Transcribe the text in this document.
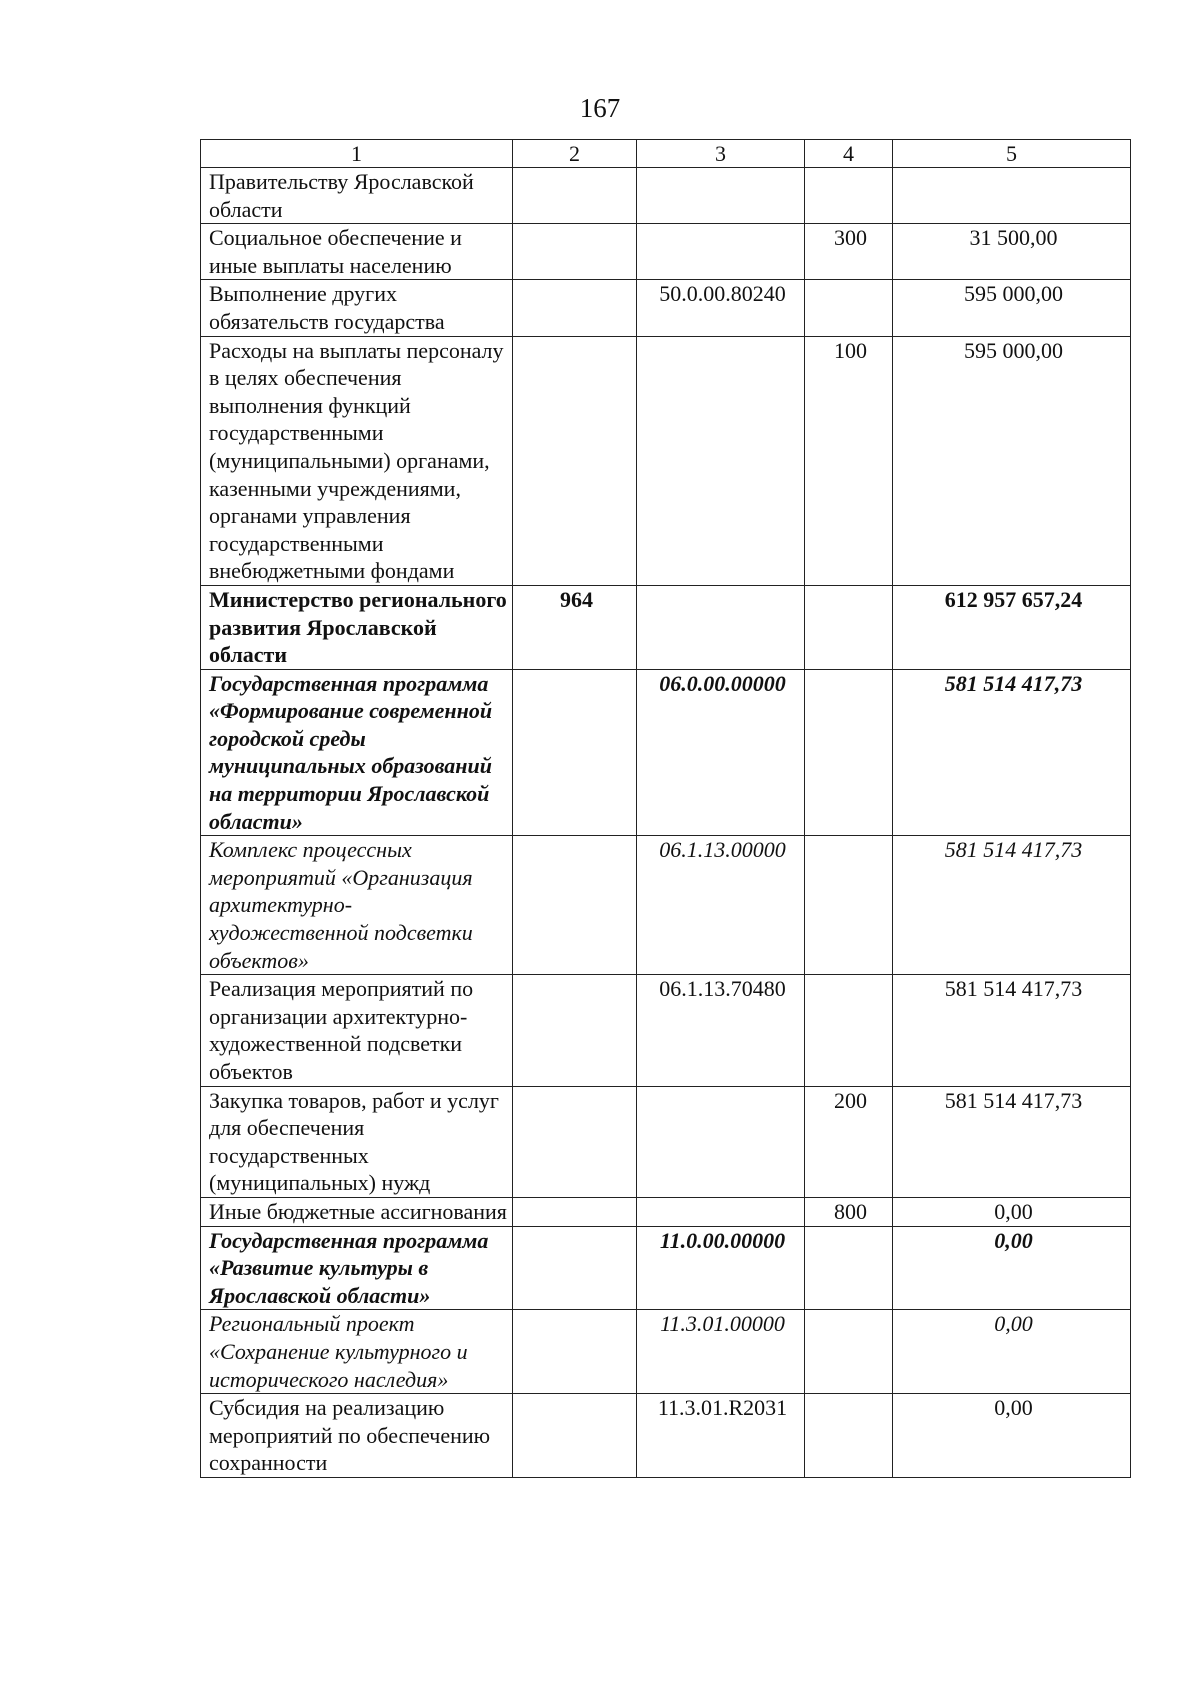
167
1	2	3	4	5
Правительству Ярославской области				
Социальное обеспечение и иные выплаты населению			300	31 500,00
Выполнение других обязательств государства		50.0.00.80240		595 000,00
Расходы на выплаты персоналу в целях обеспечения выполнения функций государственными (муниципальными) органами, казенными учреждениями, органами управления государственными внебюджетными фондами			100	595 000,00
Министерство регионального развития Ярославской области	964			612 957 657,24
Государственная программа «Формирование современной городской среды муниципальных образований на территории Ярославской области»		06.0.00.00000		581 514 417,73
Комплекс процессных мероприятий «Организация архитектурно-художественной подсветки объектов»		06.1.13.00000		581 514 417,73
Реализация мероприятий по организации архитектурно-художественной подсветки объектов		06.1.13.70480		581 514 417,73
Закупка товаров, работ и услуг для обеспечения государственных (муниципальных) нужд			200	581 514 417,73
Иные бюджетные ассигнования			800	0,00
Государственная программа «Развитие культуры в Ярославской области»		11.0.00.00000		0,00
Региональный проект «Сохранение культурного и исторического наследия»		11.3.01.00000		0,00
Субсидия на реализацию мероприятий по обеспечению сохранности		11.3.01.R2031		0,00
